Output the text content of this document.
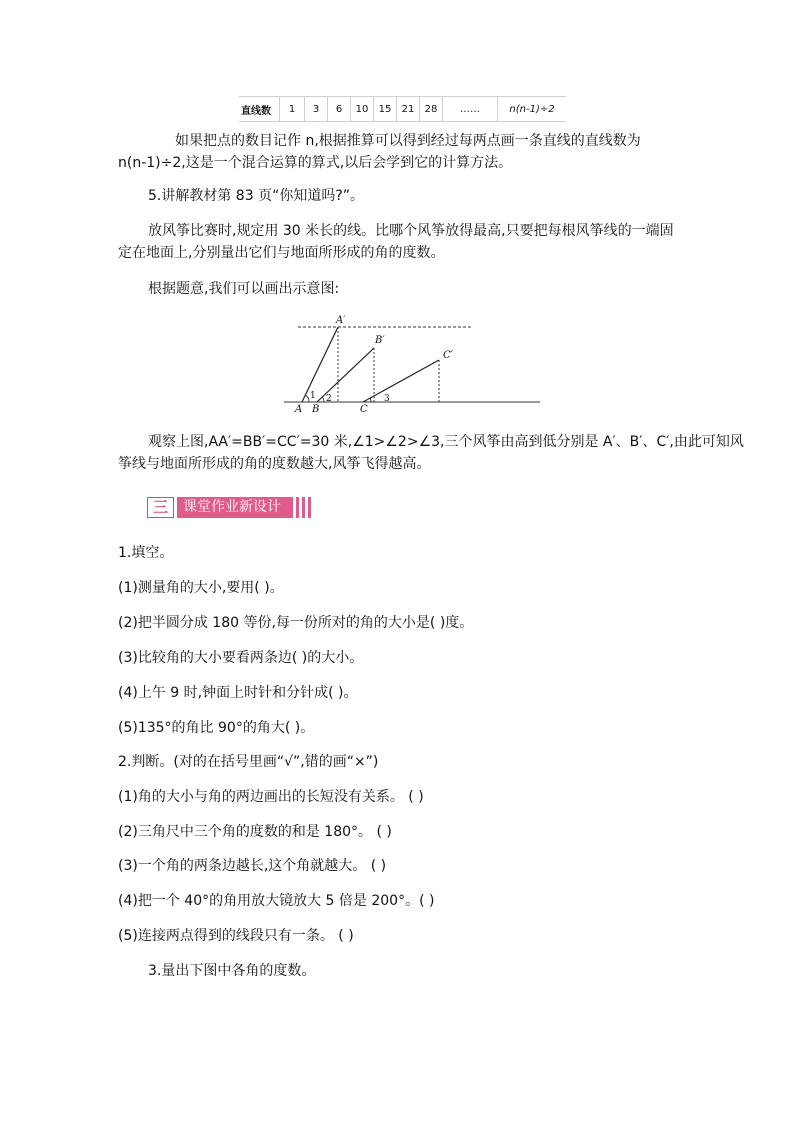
直线数	1	3	6	10	15	21	28	……	n(n-1)÷2
如果把点的数目记作 n,根据推算可以得到经过每两点画一条直线的直线数为
n(n-1)÷2,这是一个混合运算的算式,以后会学到它的计算方法。
5.讲解教材第 83 页“你知道吗?”。
放风筝比赛时,规定用 30 米长的线。比哪个风筝放得最高,只要把每根风筝线的一端固
定在地面上,分别量出它们与地面所形成的角的度数。
根据题意,我们可以画出示意图:
A′
B′
C′
A B	C
1 2	3
观察上图,AA′=BB′=CC′=30 米,∠1>∠2>∠3,三个风筝由高到低分别是 A′、B′、C′,由此可知风
筝线与地面所形成的角的度数越大,风筝飞得越高。
三	课堂作业新设计
1.填空。
(1)测量角的大小,要用( )。
(2)把半圆分成 180 等份,每一份所对的角的大小是( )度。
(3)比较角的大小要看两条边( )的大小。
(4)上午 9 时,钟面上时针和分针成( )。
(5)135°的角比 90°的角大( )。
2.判断。(对的在括号里画“√”,错的画“×”)
(1)角的大小与角的两边画出的长短没有关系。 ( )
(2)三角尺中三个角的度数的和是 180°。 ( )
(3)一个角的两条边越长,这个角就越大。 ( )
(4)把一个 40°的角用放大镜放大 5 倍是 200°。( )
(5)连接两点得到的线段只有一条。 ( )
3.量出下图中各角的度数。
